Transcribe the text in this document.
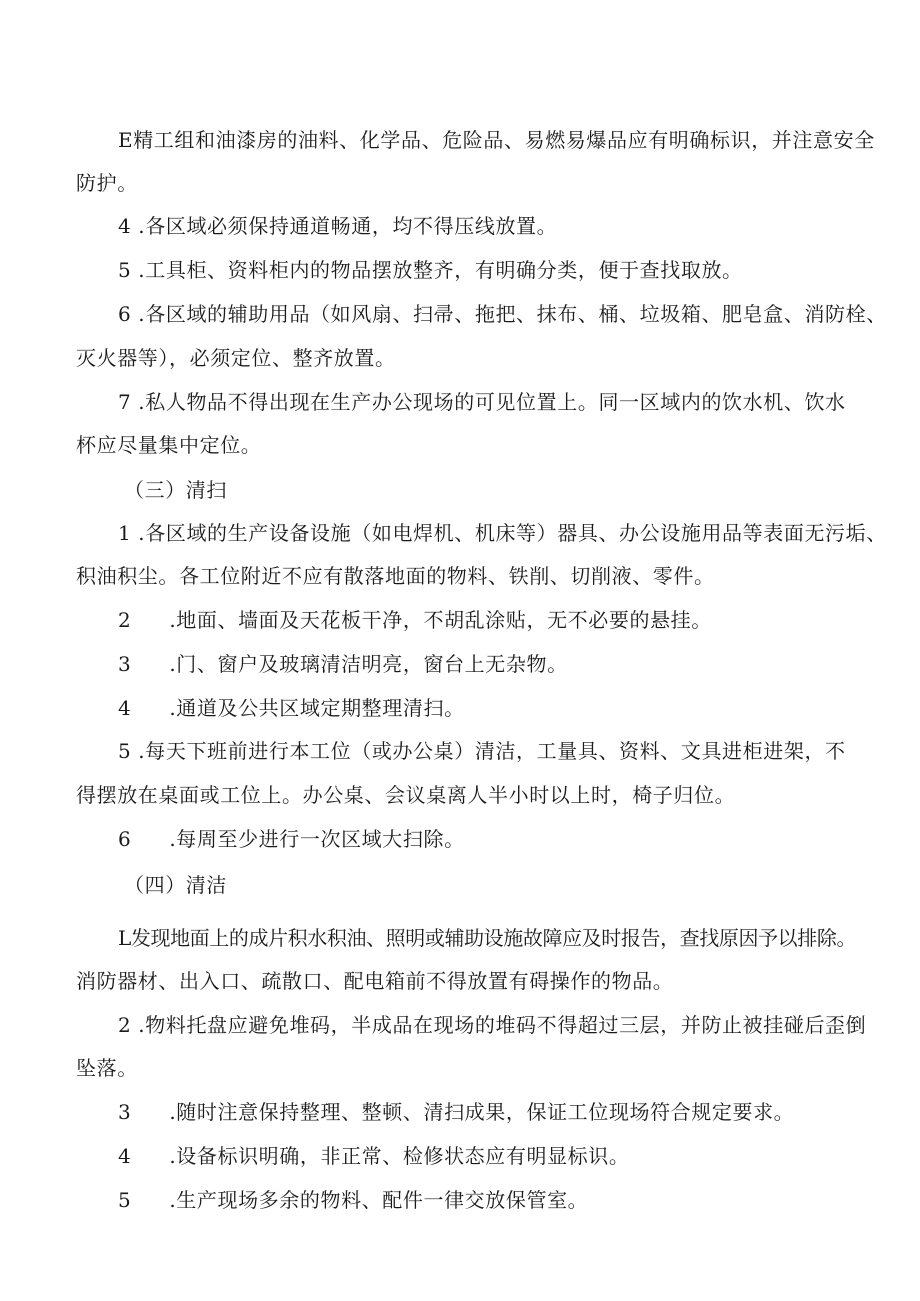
E精工组和油漆房的油料、化学品、危险品、易燃易爆品应有明确标识，并注意安全
防护。
4 .各区域必须保持通道畅通，均不得压线放置。
5 .工具柜、资料柜内的物品摆放整齐，有明确分类，便于查找取放。
6 .各区域的辅助用品（如风扇、扫帚、拖把、抹布、桶、垃圾箱、肥皂盒、消防栓、
灭火器等），必须定位、整齐放置。
7 .私人物品不得出现在生产办公现场的可见位置上。同一区域内的饮水机、饮水
杯应尽量集中定位。
（三）清扫
1 .各区域的生产设备设施（如电焊机、机床等）器具、办公设施用品等表面无污垢、
积油积尘。各工位附近不应有散落地面的物料、铁削、切削液、零件。
2 .地面、墙面及天花板干净，不胡乱涂贴，无不必要的悬挂。
3 .门、窗户及玻璃清洁明亮，窗台上无杂物。
4 .通道及公共区域定期整理清扫。
5 .每天下班前进行本工位（或办公桌）清洁，工量具、资料、文具进柜进架，不
得摆放在桌面或工位上。办公桌、会议桌离人半小时以上时，椅子归位。
6 .每周至少进行一次区域大扫除。
（四）清洁
L发现地面上的成片积水积油、照明或辅助设施故障应及时报告，查找原因予以排除。
消防器材、出入口、疏散口、配电箱前不得放置有碍操作的物品。
2 .物料托盘应避免堆码，半成品在现场的堆码不得超过三层，并防止被挂碰后歪倒
坠落。
3 .随时注意保持整理、整顿、清扫成果，保证工位现场符合规定要求。
4 .设备标识明确，非正常、检修状态应有明显标识。
5 .生产现场多余的物料、配件一律交放保管室。
